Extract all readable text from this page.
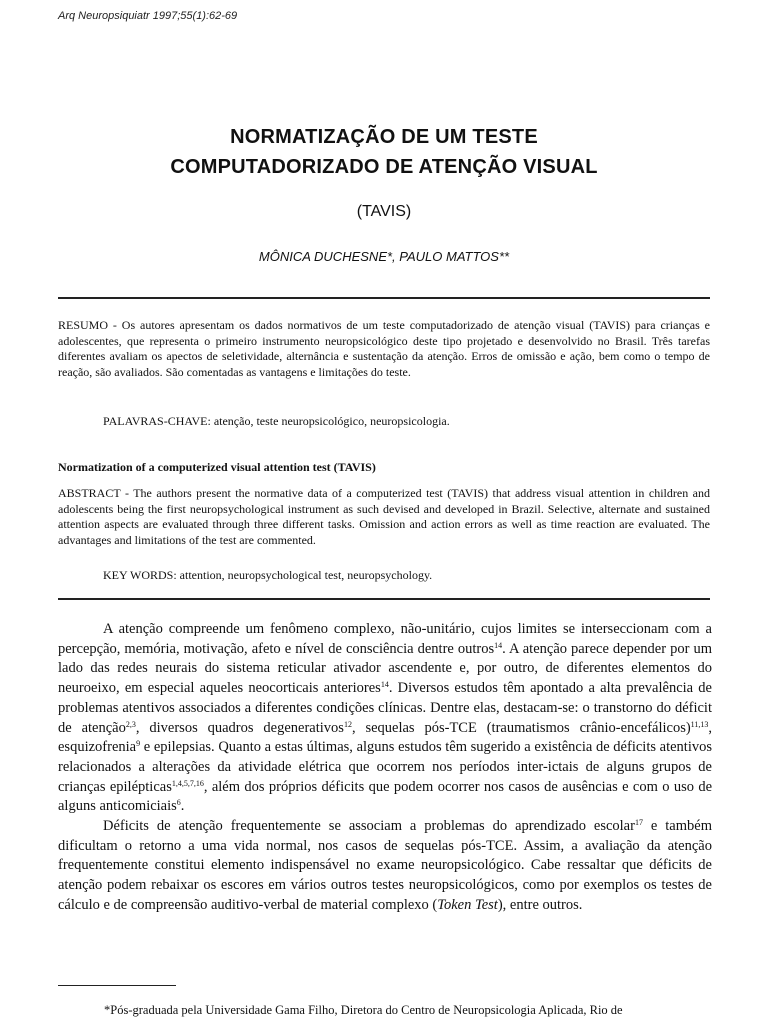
Arq Neuropsiquiatr 1997;55(1):62-69
NORMATIZAÇÃO DE UM TESTE
COMPUTADORIZADO DE ATENÇÃO VISUAL
(TAVIS)
MÔNICA DUCHESNE*, PAULO MATTOS**
RESUMO - Os autores apresentam os dados normativos de um teste computadorizado de atenção visual (TAVIS) para crianças e adolescentes, que representa o primeiro instrumento neuropsicológico deste tipo projetado e desenvolvido no Brasil. Três tarefas diferentes avaliam os apectos de seletividade, alternância e sustentação da atenção. Erros de omissão e ação, bem como o tempo de reação, são avaliados. São comentadas as vantagens e limitações do teste.
PALAVRAS-CHAVE: atenção, teste neuropsicológico, neuropsicologia.
Normatization of a computerized visual attention test (TAVIS)
ABSTRACT - The authors present the normative data of a computerized test (TAVIS) that address visual attention in children and adolescents being the first neuropsychological instrument as such devised and developed in Brazil. Selective, alternate and sustained attention aspects are evaluated through three different tasks. Omission and action errors as well as time reaction are evaluated. The advantages and limitations of the test are commented.
KEY WORDS: attention, neuropsychological test, neuropsychology.

A atenção compreende um fenômeno complexo, não-unitário, cujos limites se interseccionam com a percepção, memória, motivação, afeto e nível de consciência dentre outros$^{14}$. A atenção parece depender por um lado das redes neurais do sistema reticular ativador ascendente e, por outro, de diferentes elementos do neuroeixo, em especial aqueles neocorticais anteriores$^{14}$. Diversos estudos têm apontado a alta prevalência de problemas atentivos associados a diferentes condições clínicas. Dentre elas, destacam-se: o transtorno do déficit de atenção$^{2,3}$, diversos quadros degenerativos$^{12}$, sequelas pós-TCE (traumatismos crânio-encefálicos)$^{11,13}$, esquizofrenia$^9$ e epilepsias. Quanto a estas últimas, alguns estudos têm sugerido a existência de déficits atentivos relacionados a alterações da atividade elétrica que ocorrem nos períodos inter-ictais de alguns grupos de crianças epilépticas$^{1,4,5,7,16}$, além dos próprios déficits que podem ocorrer nos casos de ausências e com o uso de alguns anticomiciais$^6$.

Déficits de atenção frequentemente se associam a problemas do aprendizado escolar$^{17}$ e também dificultam o retorno a uma vida normal, nos casos de sequelas pós-TCE. Assim, a avaliação da atenção frequentemente constitui elemento indispensável no exame neuropsicológico. Cabe ressaltar que déficits de atenção podem rebaixar os escores em vários outros testes neuropsicológicos, como por exemplos os testes de cálculo e de compreensão auditivo-verbal de material complexo (Token Test), entre outros.

*Pós-graduada pela Universidade Gama Filho, Diretora do Centro de Neuropsicologia Aplicada, Rio de
